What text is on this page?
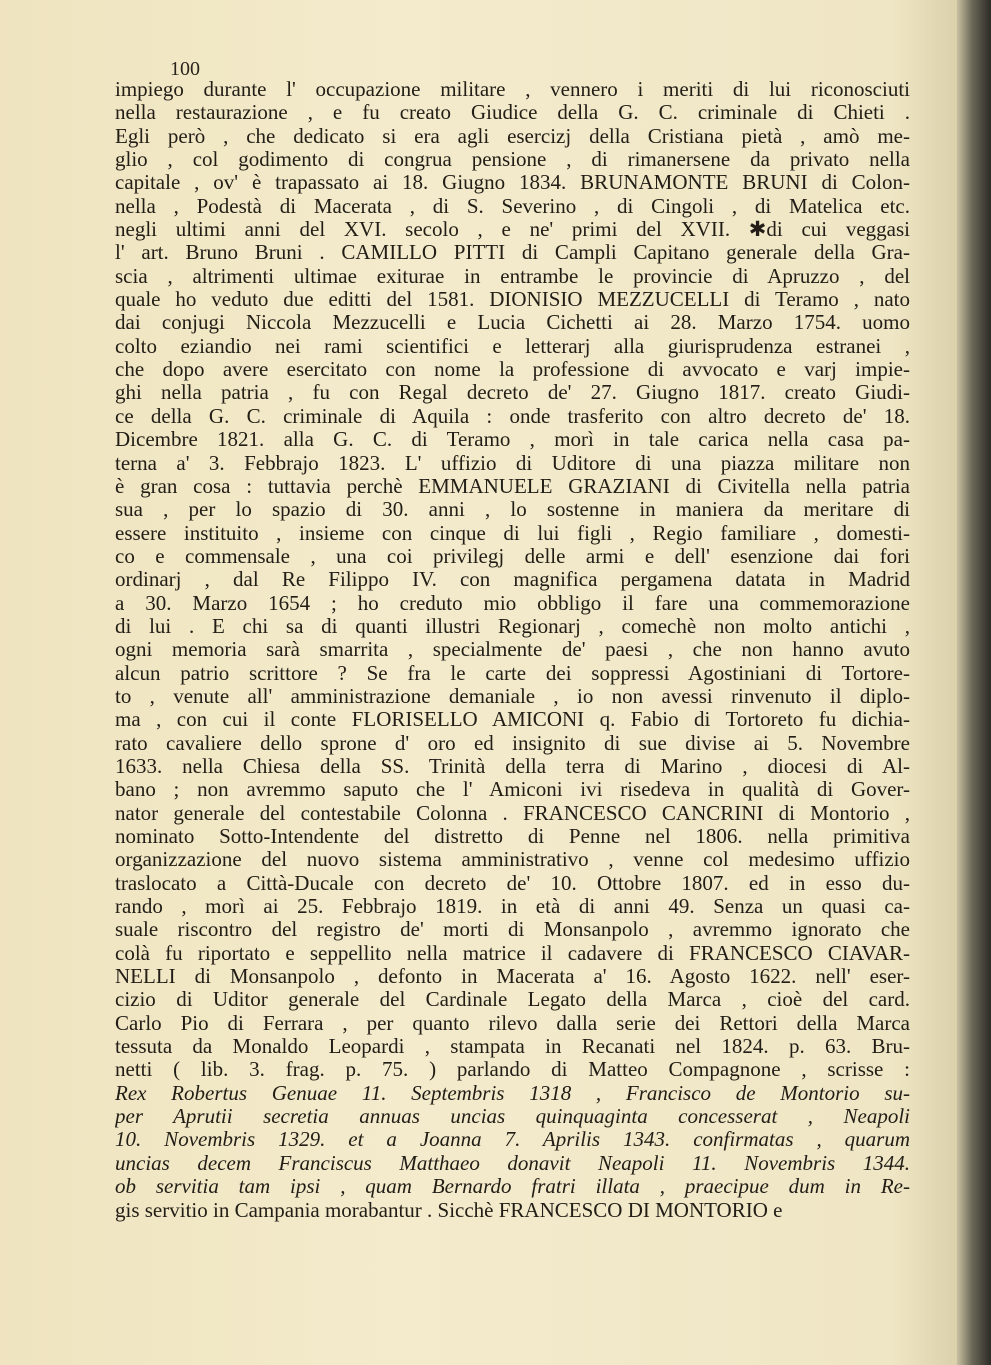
100
impiego durante l' occupazione militare , vennero i meriti di lui riconosciuti
nella restaurazione , e fu creato Giudice della G. C. criminale di Chieti .
Egli però , che dedicato si era agli esercizj della Cristiana pietà , amò me-
glio , col godimento di congrua pensione , di rimanersene da privato nella
capitale , ov' è trapassato ai 18. Giugno 1834. BRUNAMONTE BRUNI di Colon-
nella , Podestà di Macerata , di S. Severino , di Cingoli , di Matelica etc.
negli ultimi anni del XVI. secolo , e ne' primi del XVII. ✱di cui veggasi
l' art. Bruno Bruni . CAMILLO PITTI di Campli Capitano generale della Gra-
scia , altrimenti ultimae exiturae in entrambe le provincie di Apruzzo , del
quale ho veduto due editti del 1581. DIONISIO MEZZUCELLI di Teramo , nato
dai conjugi Niccola Mezzucelli e Lucia Cichetti ai 28. Marzo 1754. uomo
colto eziandio nei rami scientifici e letterarj alla giurisprudenza estranei ,
che dopo avere esercitato con nome la professione di avvocato e varj impie-
ghi nella patria , fu con Regal decreto de' 27. Giugno 1817. creato Giudi-
ce della G. C. criminale di Aquila : onde trasferito con altro decreto de' 18.
Dicembre 1821. alla G. C. di Teramo , morì in tale carica nella casa pa-
terna a' 3. Febbrajo 1823. L' uffizio di Uditore di una piazza militare non
è gran cosa : tuttavia perchè EMMANUELE GRAZIANI di Civitella nella patria
sua , per lo spazio di 30. anni , lo sostenne in maniera da meritare di
essere instituito , insieme con cinque di lui figli , Regio familiare , domesti-
co e commensale , una coi privilegj delle armi e dell' esenzione dai fori
ordinarj , dal Re Filippo IV. con magnifica pergamena datata in Madrid
a 30. Marzo 1654 ; ho creduto mio obbligo il fare una commemorazione
di lui . E chi sa di quanti illustri Regionarj , comechè non molto antichi ,
ogni memoria sarà smarrita , specialmente de' paesi , che non hanno avuto
alcun patrio scrittore ? Se fra le carte dei soppressi Agostiniani di Tortore-
to , venute all' amministrazione demaniale , io non avessi rinvenuto il diplo-
ma , con cui il conte FLORISELLO AMICONI q. Fabio di Tortoreto fu dichia-
rato cavaliere dello sprone d' oro ed insignito di sue divise ai 5. Novembre
1633. nella Chiesa della SS. Trinità della terra di Marino , diocesi di Al-
bano ; non avremmo saputo che l' Amiconi ivi risedeva in qualità di Gover-
nator generale del contestabile Colonna . FRANCESCO CANCRINI di Montorio ,
nominato Sotto-Intendente del distretto di Penne nel 1806. nella primitiva
organizzazione del nuovo sistema amministrativo , venne col medesimo uffizio
traslocato a Città-Ducale con decreto de' 10. Ottobre 1807. ed in esso du-
rando , morì ai 25. Febbrajo 1819. in età di anni 49. Senza un quasi ca-
suale riscontro del registro de' morti di Monsanpolo , avremmo ignorato che
colà fu riportato e seppellito nella matrice il cadavere di FRANCESCO CIAVAR-
NELLI di Monsanpolo , defonto in Macerata a' 16. Agosto 1622. nell' eser-
cizio di Uditor generale del Cardinale Legato della Marca , cioè del card.
Carlo Pio di Ferrara , per quanto rilevo dalla serie dei Rettori della Marca
tessuta da Monaldo Leopardi , stampata in Recanati nel 1824. p. 63. Bru-
netti ( lib. 3. frag. p. 75. ) parlando di Matteo Compagnone , scrisse :
Rex Robertus Genuae 11. Septembris 1318 , Francisco de Montorio su-
per Aprutii secretia annuas uncias quinquaginta concesserat , Neapoli
10. Novembris 1329. et a Joanna 7. Aprilis 1343. confirmatas , quarum
uncias decem Franciscus Matthaeo donavit Neapoli 11. Novembris 1344.
ob servitia tam ipsi , quam Bernardo fratri illata , praecipue dum in Re-
gis servitio in Campania morabantur . Sicchè FRANCESCO DI MONTORIO e
